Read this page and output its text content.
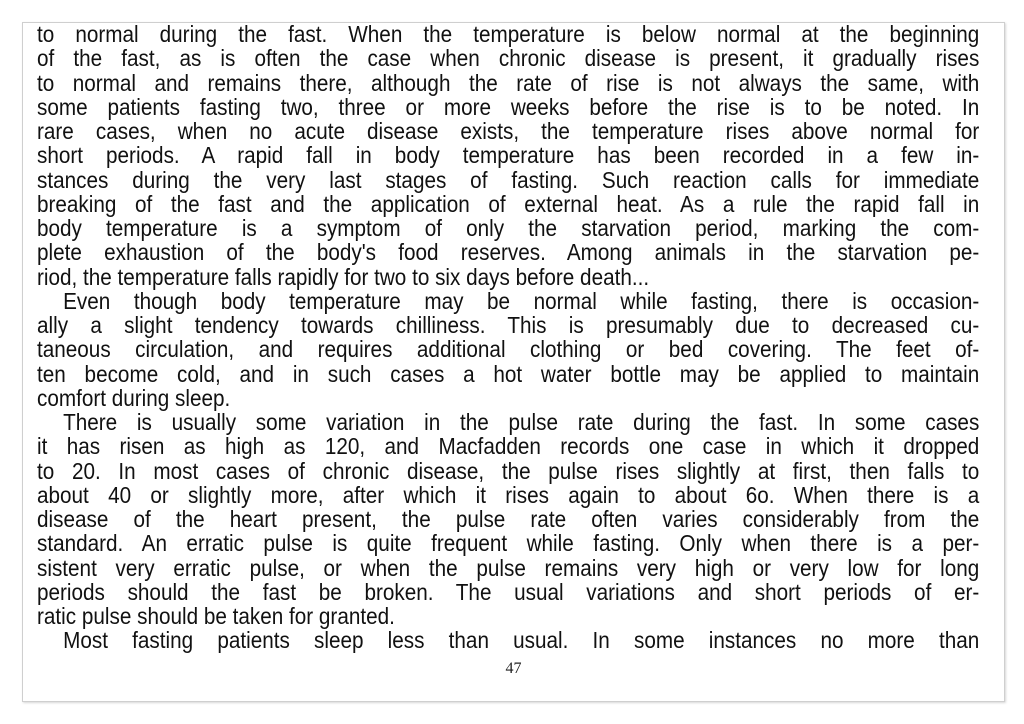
to normal during the fast. When the temperature is below normal at the beginning
of the fast, as is often the case when chronic disease is present, it gradually rises
to normal and remains there, although the rate of rise is not always the same, with
some patients fasting two, three or more weeks before the rise is to be noted. In
rare cases, when no acute disease exists, the temperature rises above normal for
short periods. A rapid fall in body temperature has been recorded in a few in-
stances during the very last stages of fasting. Such reaction calls for immediate
breaking of the fast and the application of external heat. As a rule the rapid fall in
body temperature is a symptom of only the starvation period, marking the com-
plete exhaustion of the body's food reserves. Among animals in the starvation pe-
riod, the temperature falls rapidly for two to six days before death...
Even though body temperature may be normal while fasting, there is occasion-
ally a slight tendency towards chilliness. This is presumably due to decreased cu-
taneous circulation, and requires additional clothing or bed covering. The feet of-
ten become cold, and in such cases a hot water bottle may be applied to maintain
comfort during sleep.
There is usually some variation in the pulse rate during the fast. In some cases
it has risen as high as 120, and Macfadden records one case in which it dropped
to 20. In most cases of chronic disease, the pulse rises slightly at first, then falls to
about 40 or slightly more, after which it rises again to about 6o. When there is a
disease of the heart present, the pulse rate often varies considerably from the
standard. An erratic pulse is quite frequent while fasting. Only when there is a per-
sistent very erratic pulse, or when the pulse remains very high or very low for long
periods should the fast be broken. The usual variations and short periods of er-
ratic pulse should be taken for granted.
Most fasting patients sleep less than usual. In some instances no more than
47
